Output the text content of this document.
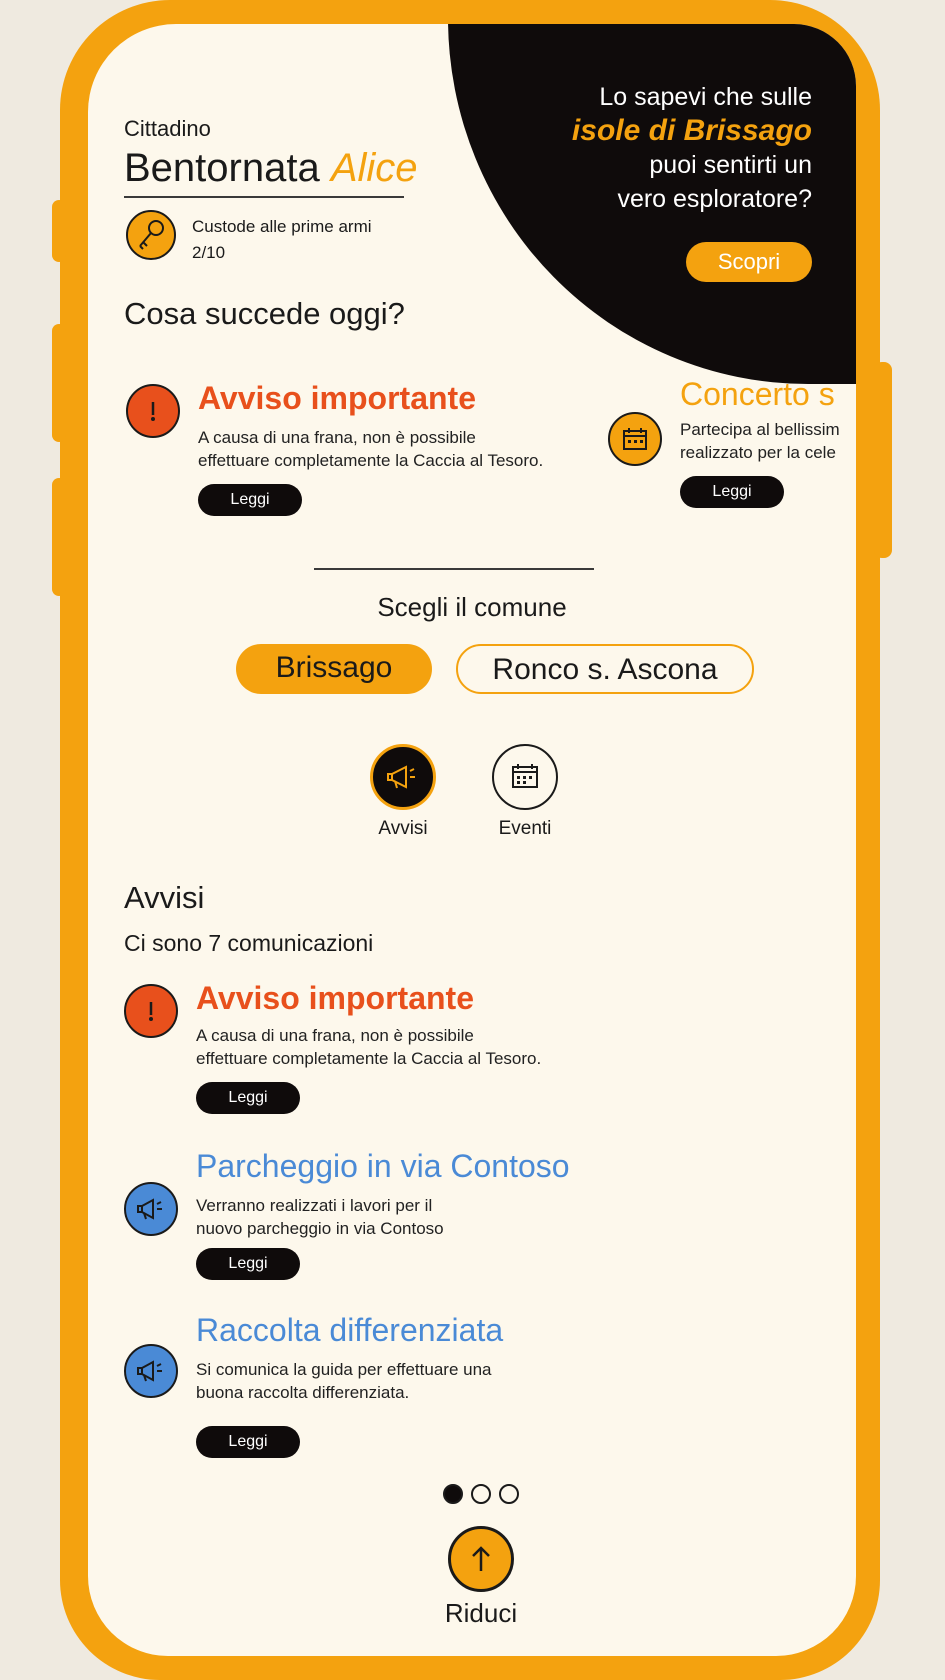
Lo sapevi che sulle
isole di Brissago
puoi sentirti un
vero esploratore?
Scopri
Cittadino
Bentornata Alice
Custode alle prime armi
2/10
Cosa succede oggi?
Avviso importante
A causa di una frana, non è possibile
effettuare completamente la Caccia al Tesoro.
Leggi
Concerto s
Partecipa al bellissim
realizzato per la cele
Leggi
Scegli il comune
Brissago	Ronco s. Ascona
Avvisi	Eventi
Avvisi
Ci sono 7 comunicazioni
Avviso importante
A causa di una frana, non è possibile
effettuare completamente la Caccia al Tesoro.
Leggi
Parcheggio in via Contoso
Verranno realizzati i lavori per il
nuovo parcheggio in via Contoso
Leggi
Raccolta differenziata
Si comunica la guida per effettuare una
buona raccolta differenziata.
Leggi
Riduci
